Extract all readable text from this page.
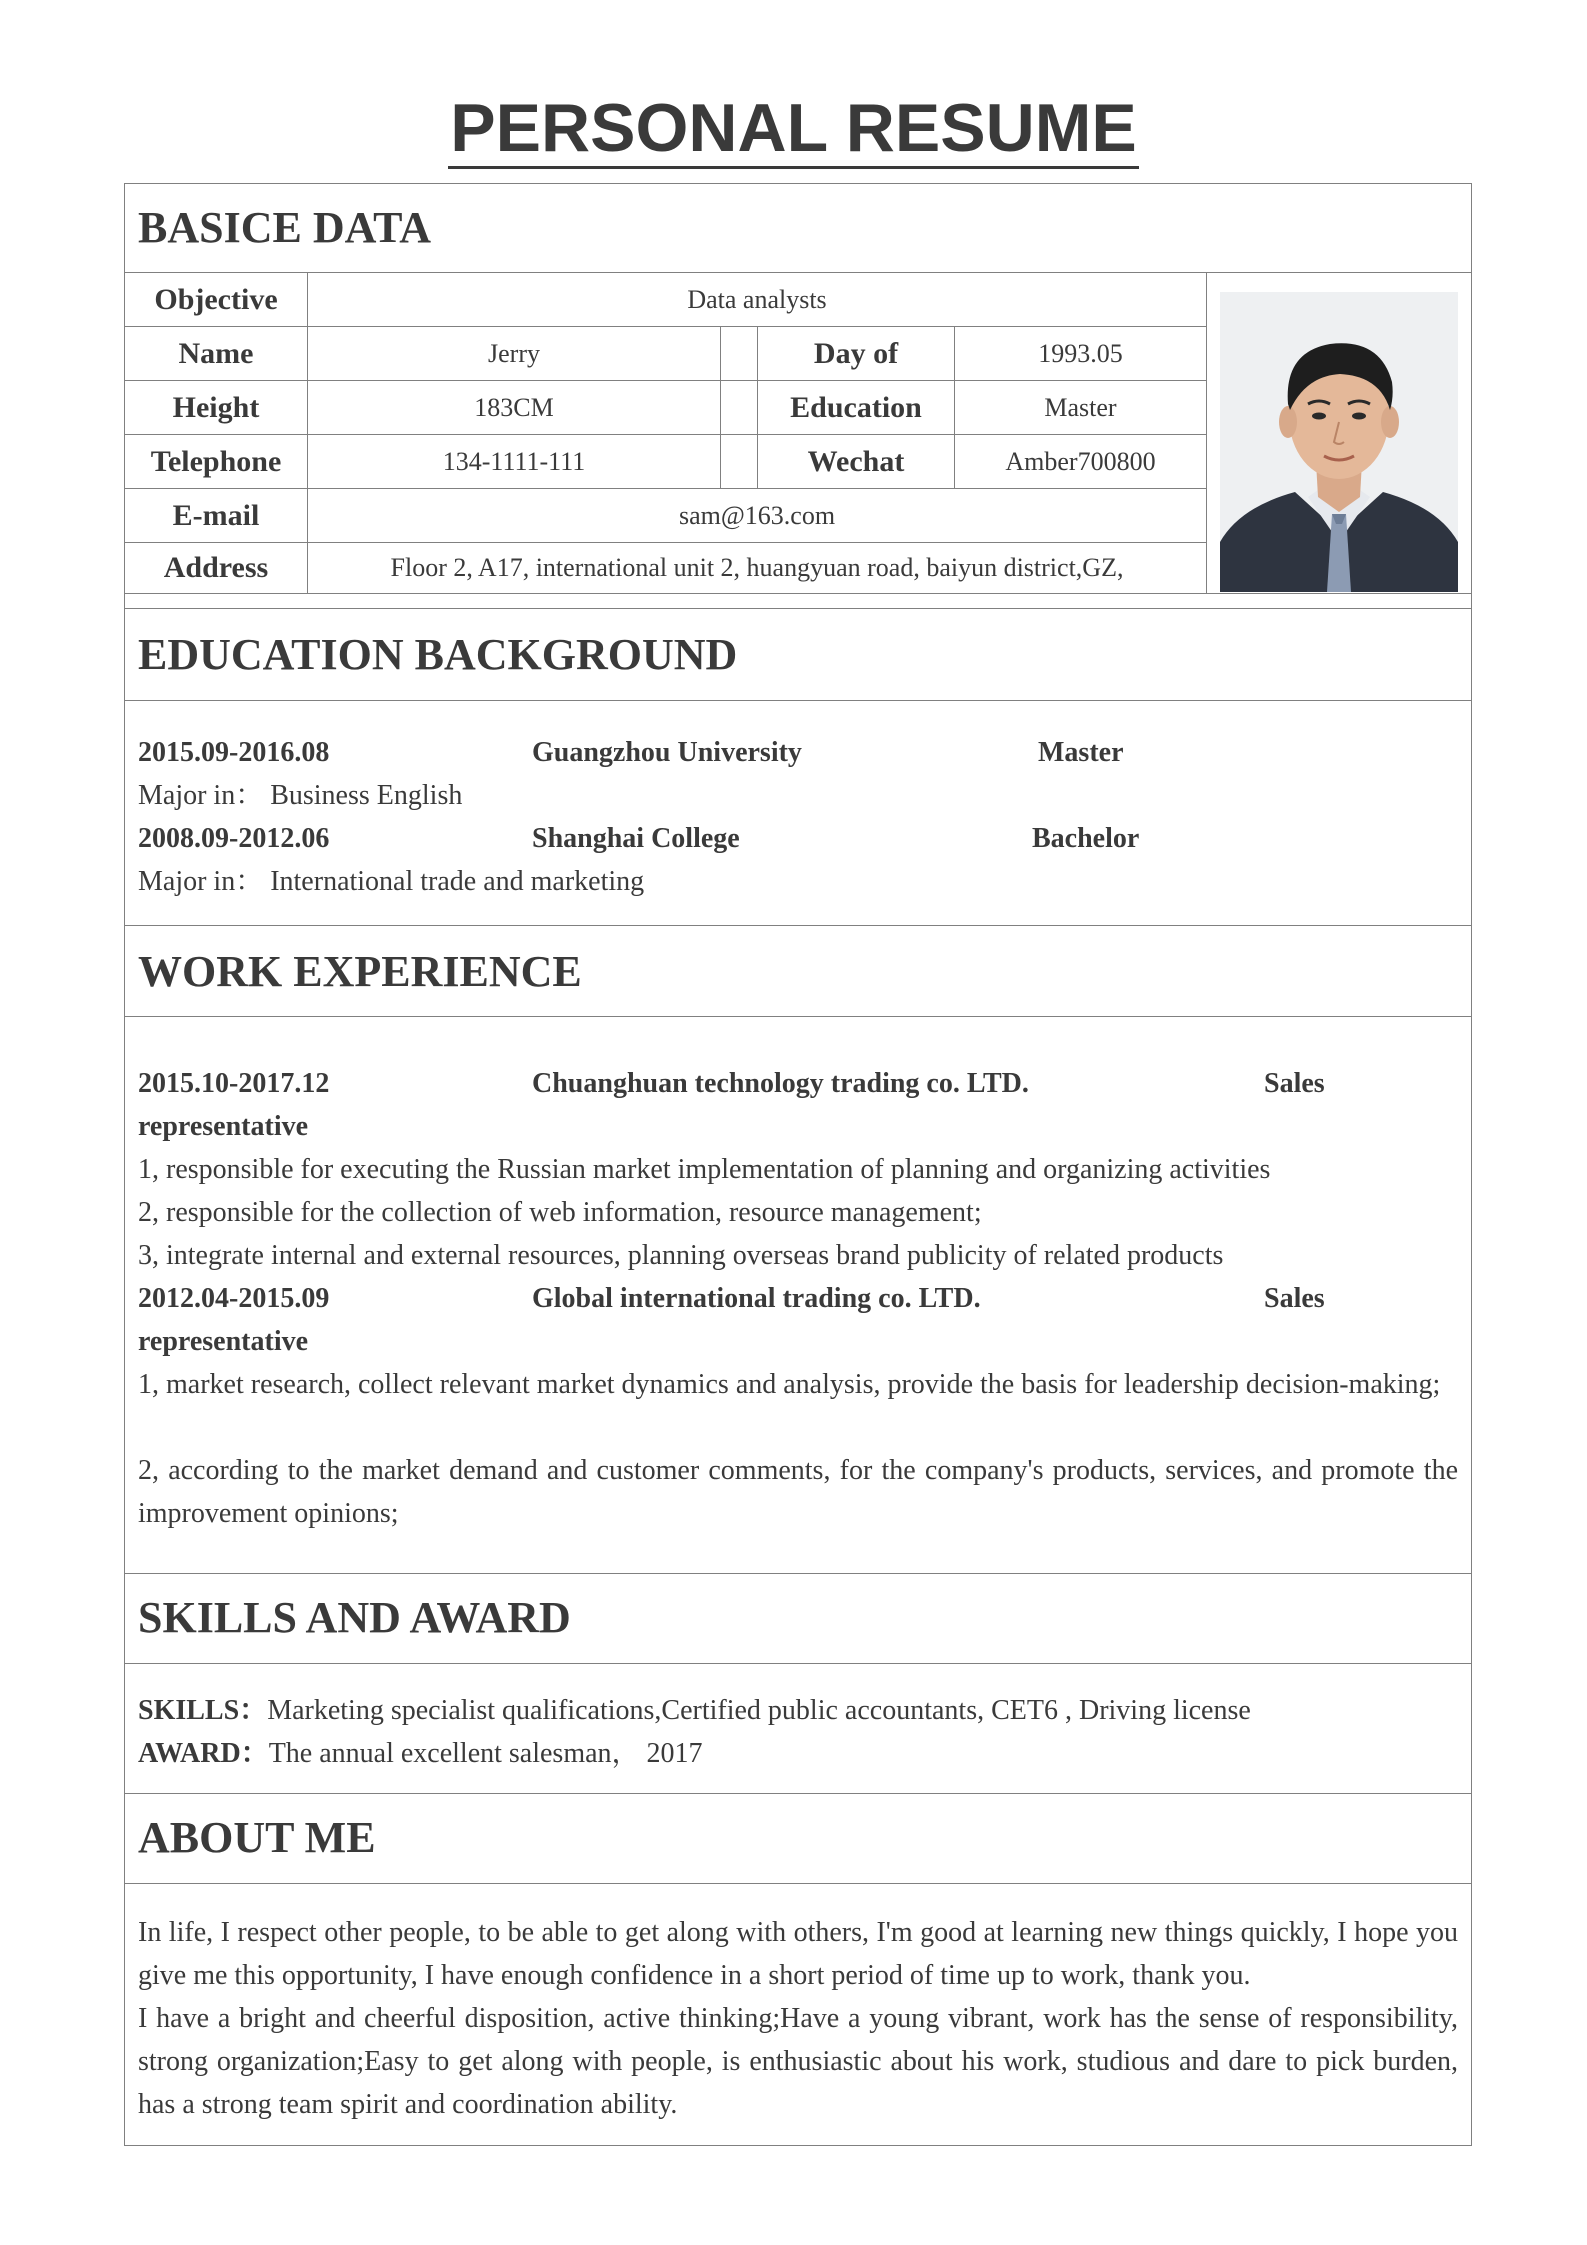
PERSONAL RESUME
BASICE DATA
Objective	Data analysts
Name	Jerry	Day of	1993.05
Height	183CM	Education	Master
Telephone	134-1111-111	Wechat	Amber700800
E-mail	sam@163.com
Address	Floor 2, A17, international unit 2, huangyuan road, baiyun district,GZ,
EDUCATION BACKGROUND
2015.09-2016.08	Guangzhou University	Master
Major in： Business English
2008.09-2012.06	Shanghai College	Bachelor
Major in： International trade and marketing
WORK EXPERIENCE
2015.10-2017.12	Chuanghuan technology trading co. LTD.	Sales
representative
1, responsible for executing the Russian market implementation of planning and organizing activities
2, responsible for the collection of web information, resource management;
3, integrate internal and external resources, planning overseas brand publicity of related products
2012.04-2015.09	Global international trading co. LTD.	Sales
representative
1, market research, collect relevant market dynamics and analysis, provide the basis for leadership decision-making;
2, according to the market demand and customer comments, for the company's products, services, and promote the improvement opinions;
SKILLS AND AWARD
SKILLS：Marketing specialist qualifications,Certified public accountants, CET6 , Driving license
AWARD：The annual excellent salesman， 2017
ABOUT ME
In life, I respect other people, to be able to get along with others, I'm good at learning new things quickly, I hope you give me this opportunity, I have enough confidence in a short period of time up to work, thank you.
I have a bright and cheerful disposition, active thinking;Have a young vibrant, work has the sense of responsibility, strong organization;Easy to get along with people, is enthusiastic about his work, studious and dare to pick burden, has a strong team spirit and coordination ability.
